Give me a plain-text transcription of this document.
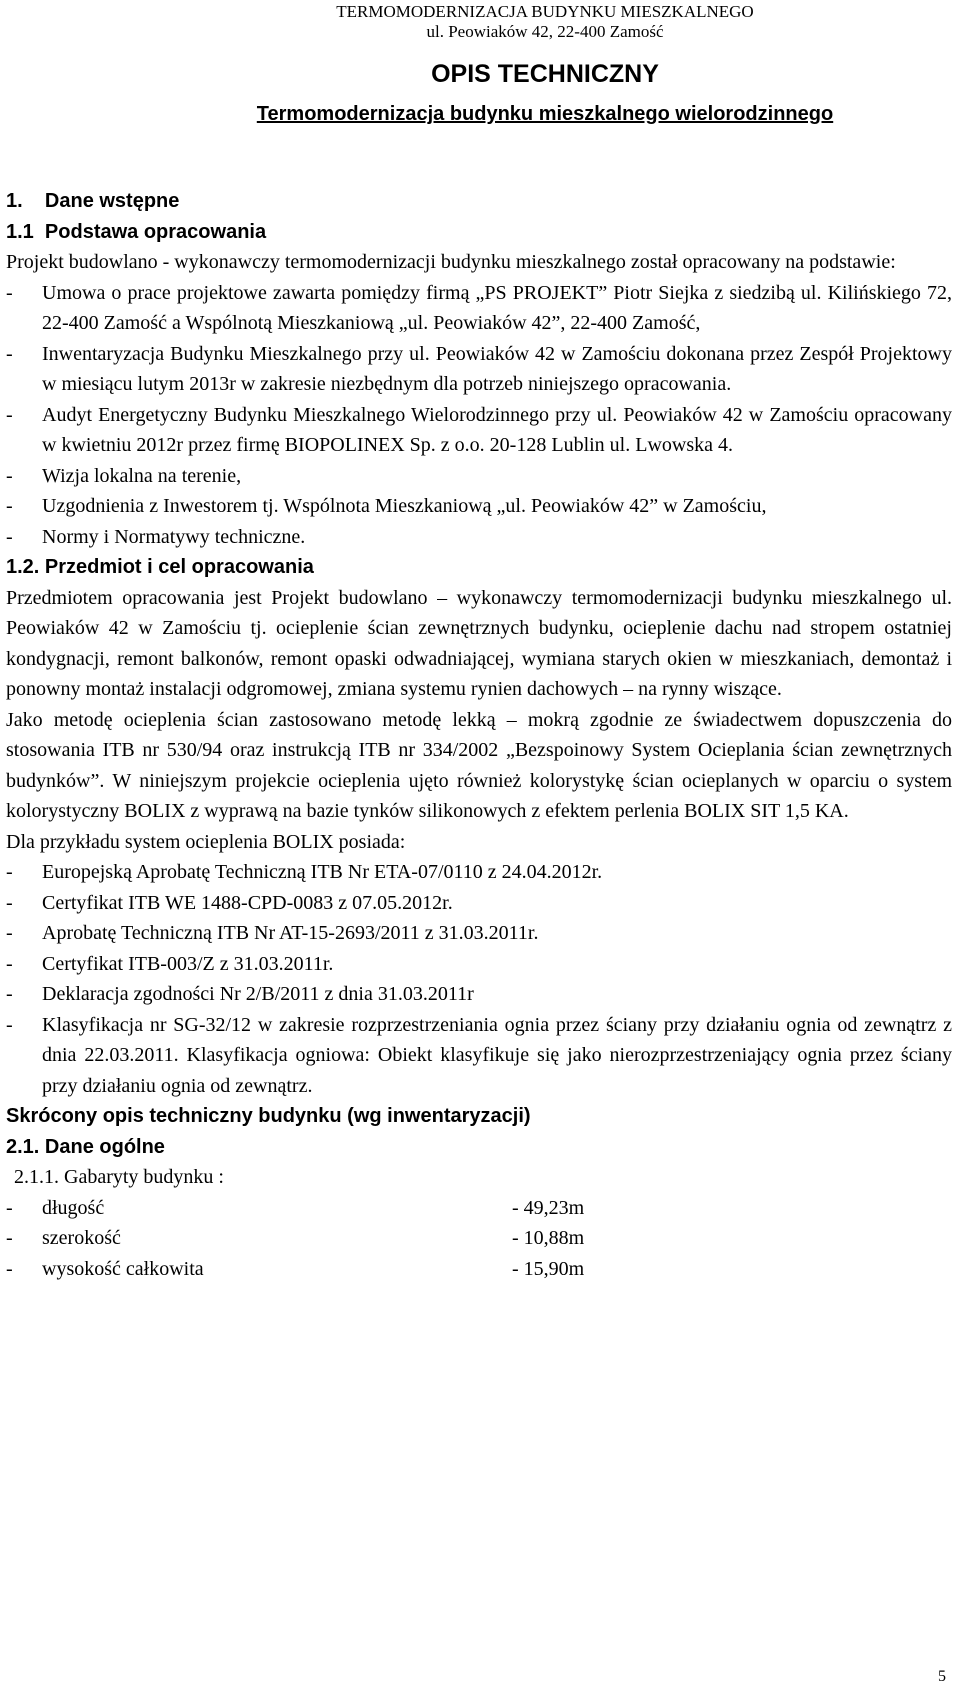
TERMOMODERNIZACJA BUDYNKU MIESZKALNEGO
ul. Peowiaków 42, 22-400 Zamość
OPIS TECHNICZNY
Termomodernizacja budynku mieszkalnego wielorodzinnego
1.    Dane wstępne
1.1  Podstawa opracowania
Projekt budowlano - wykonawczy termomodernizacji budynku mieszkalnego został opracowany na podstawie:
-	Umowa o prace projektowe zawarta pomiędzy firmą „PS PROJEKT” Piotr Siejka z siedzibą ul. Kilińskiego 72, 22-400 Zamość a Wspólnotą Mieszkaniową „ul. Peowiaków 42”, 22-400 Zamość,
-	Inwentaryzacja Budynku Mieszkalnego przy ul. Peowiaków 42 w Zamościu dokonana przez Zespół Projektowy w miesiącu lutym 2013r w zakresie niezbędnym dla potrzeb niniejszego opracowania.
-	Audyt Energetyczny Budynku Mieszkalnego Wielorodzinnego przy ul. Peowiaków 42 w Zamościu opracowany w kwietniu 2012r przez firmę BIOPOLINEX Sp. z o.o. 20-128 Lublin ul. Lwowska 4.
-	Wizja lokalna na terenie,
-	Uzgodnienia z Inwestorem tj. Wspólnota Mieszkaniową „ul. Peowiaków 42” w Zamościu,
-	Normy i Normatywy techniczne.
1.2. Przedmiot i cel opracowania
Przedmiotem opracowania jest Projekt budowlano – wykonawczy termomodernizacji budynku mieszkalnego ul. Peowiaków 42 w Zamościu tj. ocieplenie ścian zewnętrznych budynku, ocieplenie dachu nad stropem ostatniej kondygnacji, remont balkonów, remont opaski odwadniającej, wymiana starych okien w mieszkaniach, demontaż i ponowny montaż instalacji odgromowej, zmiana systemu rynien dachowych – na rynny wiszące.
Jako metodę ocieplenia ścian zastosowano metodę lekką – mokrą zgodnie ze świadectwem dopuszczenia do stosowania ITB nr 530/94 oraz instrukcją ITB nr 334/2002 „Bezspoinowy System Ocieplania ścian zewnętrznych budynków”. W niniejszym projekcie ocieplenia ujęto również kolorystykę ścian ocieplanych w oparciu o system kolorystyczny BOLIX z wyprawą na bazie tynków silikonowych z efektem perlenia BOLIX SIT 1,5 KA.
Dla przykładu system ocieplenia BOLIX posiada:
-	Europejską Aprobatę Techniczną ITB Nr ETA-07/0110 z 24.04.2012r.
-	Certyfikat ITB WE 1488-CPD-0083 z 07.05.2012r.
-	Aprobatę Techniczną ITB Nr AT-15-2693/2011 z 31.03.2011r.
-	Certyfikat ITB-003/Z z 31.03.2011r.
-	Deklaracja zgodności Nr 2/B/2011 z dnia 31.03.2011r
-	Klasyfikacja nr SG-32/12 w zakresie rozprzestrzeniania ognia przez ściany przy działaniu ognia od zewnątrz z dnia 22.03.2011. Klasyfikacja ogniowa: Obiekt klasyfikuje się jako nierozprzestrzeniający ognia przez ściany przy działaniu ognia od zewnątrz.
Skrócony opis techniczny budynku (wg inwentaryzacji)
2.1. Dane ogólne
2.1.1. Gabaryty budynku :
-	długość	- 49,23m
-	szerokość	- 10,88m
-	wysokość całkowita	- 15,90m
5
